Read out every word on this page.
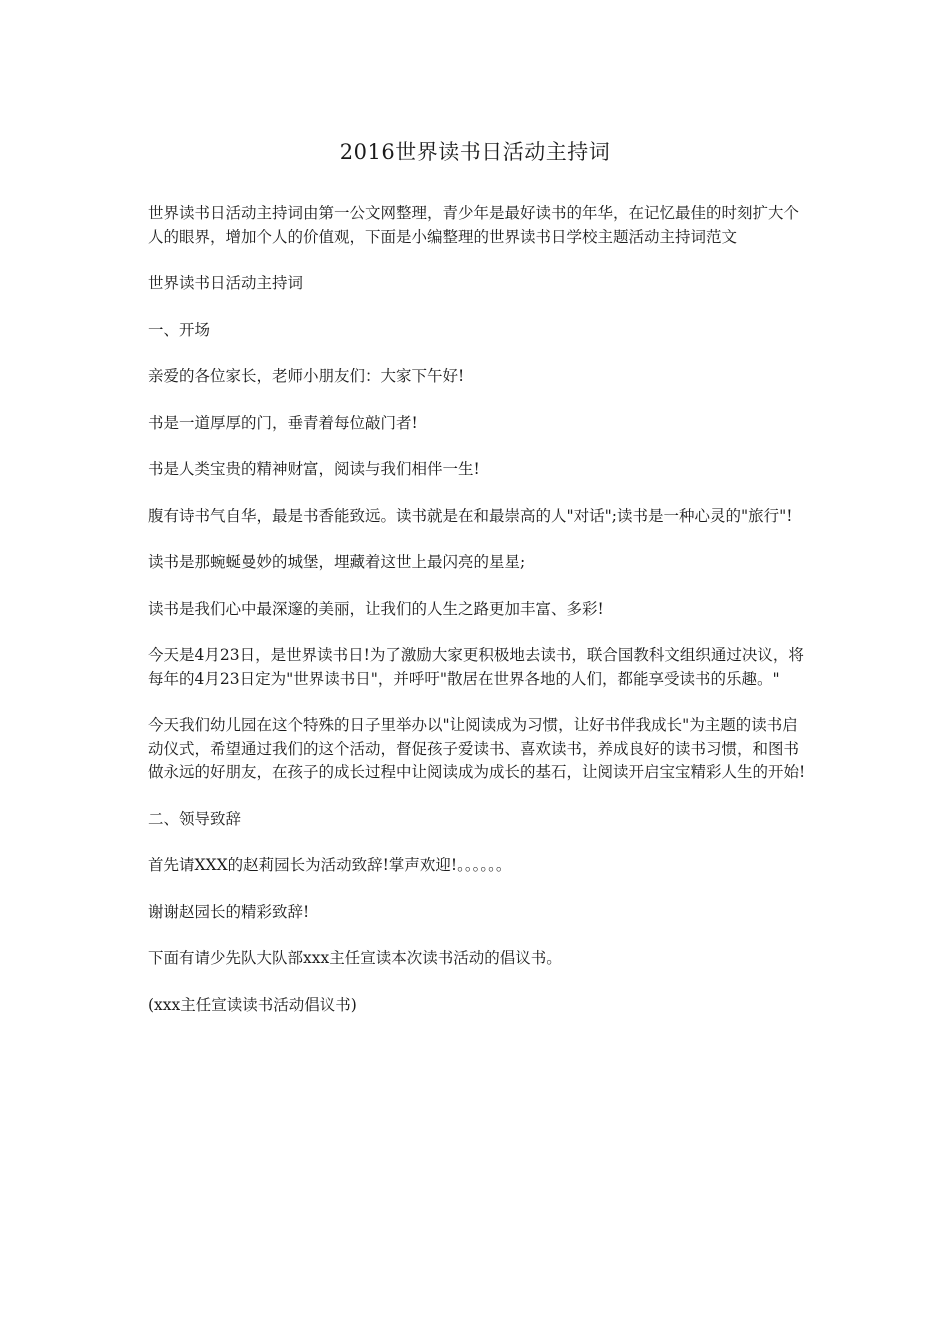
2016世界读书日活动主持词

世界读书日活动主持词由第一公文网整理，青少年是最好读书的年华，在记忆最佳的时刻扩大个人的眼界，增加个人的价值观，下面是小编整理的世界读书日学校主题活动主持词范文

世界读书日活动主持词

一、开场

亲爱的各位家长，老师小朋友们：大家下午好!

书是一道厚厚的门，垂青着每位敲门者!

书是人类宝贵的精神财富，阅读与我们相伴一生!

腹有诗书气自华，最是书香能致远。读书就是在和最崇高的人"对话";读书是一种心灵的"旅行"!

读书是那蜿蜒曼妙的城堡，埋藏着这世上最闪亮的星星;

读书是我们心中最深邃的美丽，让我们的人生之路更加丰富、多彩!

今天是4月23日，是世界读书日!为了激励大家更积极地去读书，联合国教科文组织通过决议，将每年的4月23日定为"世界读书日"，并呼吁"散居在世界各地的人们，都能享受读书的乐趣。"

今天我们幼儿园在这个特殊的日子里举办以"让阅读成为习惯，让好书伴我成长"为主题的读书启动仪式，希望通过我们的这个活动，督促孩子爱读书、喜欢读书，养成良好的读书习惯，和图书做永远的好朋友，在孩子的成长过程中让阅读成为成长的基石，让阅读开启宝宝精彩人生的开始!

二、领导致辞

首先请XXX的赵莉园长为活动致辞!掌声欢迎!。。。。。。

谢谢赵园长的精彩致辞!

下面有请少先队大队部xxx主任宣读本次读书活动的倡议书。

(xxx主任宣读读书活动倡议书)
